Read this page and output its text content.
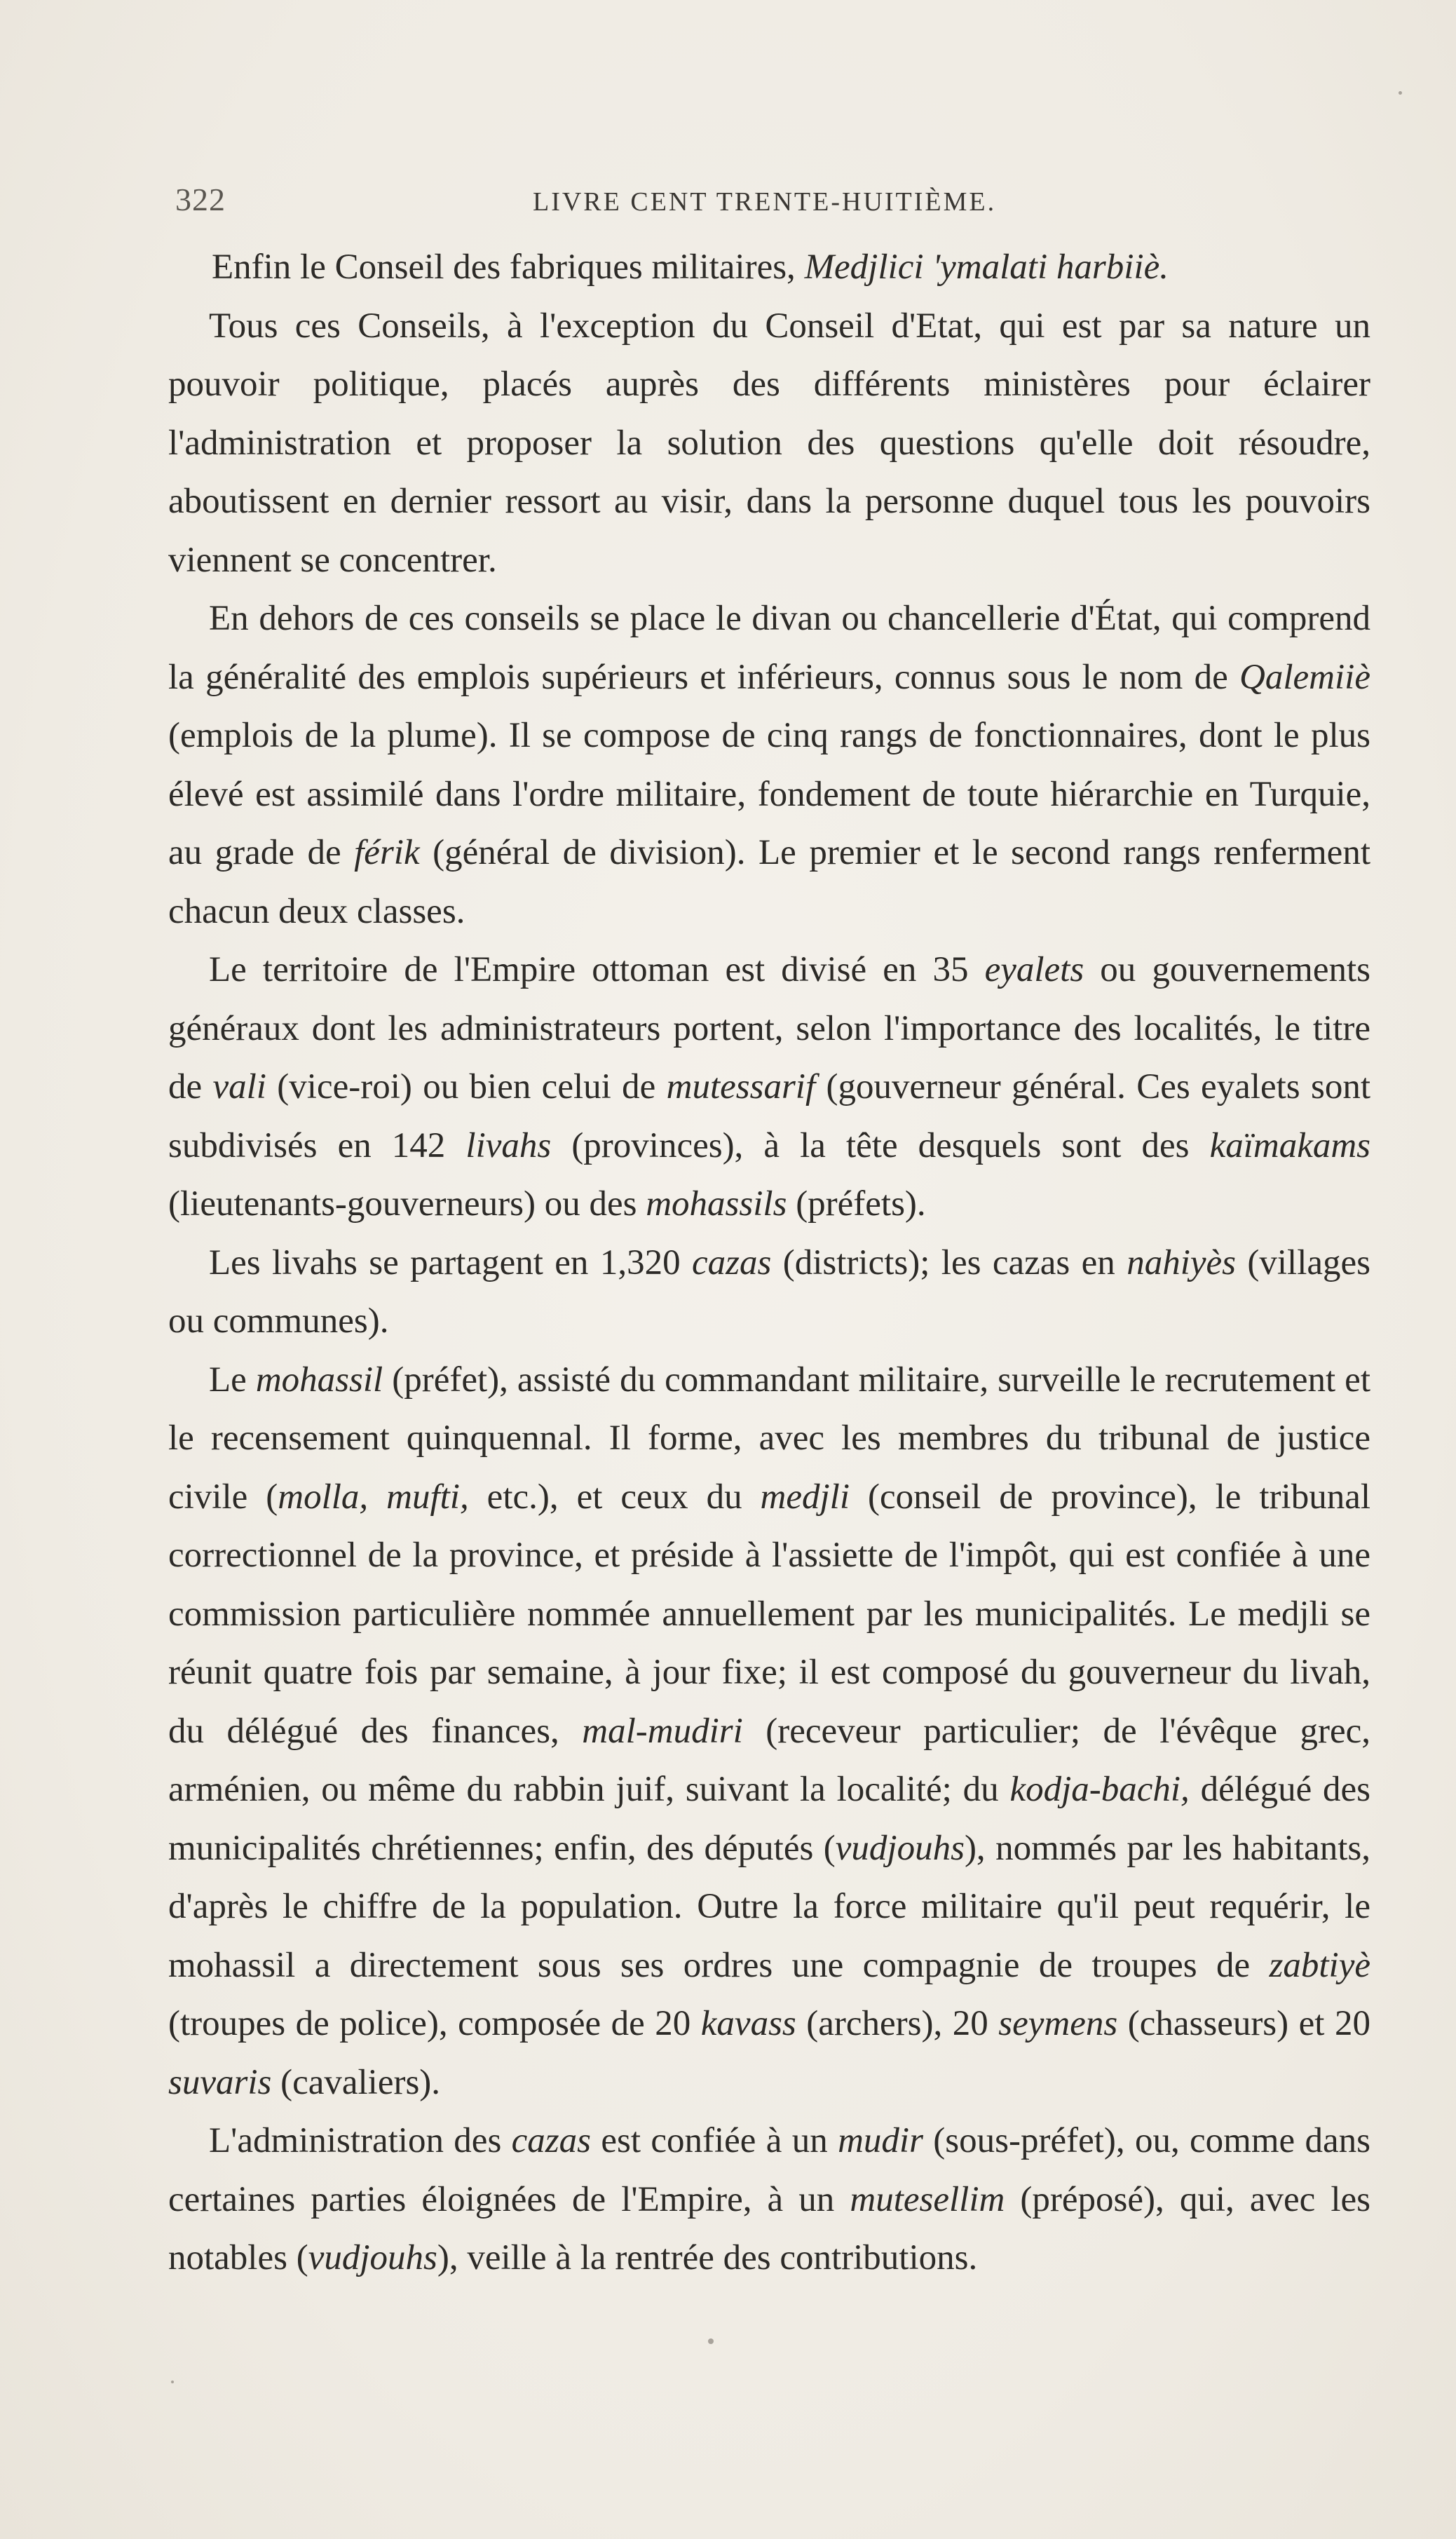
322	LIVRE CENT TRENTE-HUITIÈME.

Enfin le Conseil des fabriques militaires, Medjlici 'ymalati harbiiè.

Tous ces Conseils, à l'exception du Conseil d'Etat, qui est par sa nature un pouvoir politique, placés auprès des différents ministères pour éclairer l'administration et proposer la solution des questions qu'elle doit résoudre, aboutissent en dernier ressort au visir, dans la personne duquel tous les pouvoirs viennent se concentrer.

En dehors de ces conseils se place le divan ou chancellerie d'État, qui comprend la généralité des emplois supérieurs et inférieurs, connus sous le nom de Qalemiiè (emplois de la plume). Il se compose de cinq rangs de fonctionnaires, dont le plus élevé est assimilé dans l'ordre militaire, fondement de toute hiérarchie en Turquie, au grade de férik (général de division). Le premier et le second rangs renferment chacun deux classes.

Le territoire de l'Empire ottoman est divisé en 35 eyalets ou gouvernements généraux dont les administrateurs portent, selon l'importance des localités, le titre de vali (vice-roi) ou bien celui de mutessarif (gouverneur général. Ces eyalets sont subdivisés en 142 livahs (provinces), à la tête desquels sont des kaïmakams (lieutenants-gouverneurs) ou des mohassils (préfets).

Les livahs se partagent en 1,320 cazas (districts); les cazas en nahiyès (villages ou communes).

Le mohassil (préfet), assisté du commandant militaire, surveille le recrutement et le recensement quinquennal. Il forme, avec les membres du tribunal de justice civile (molla, mufti, etc.), et ceux du medjli (conseil de province), le tribunal correctionnel de la province, et préside à l'assiette de l'impôt, qui est confiée à une commission particulière nommée annuellement par les municipalités. Le medjli se réunit quatre fois par semaine, à jour fixe; il est composé du gouverneur du livah, du délégué des finances, mal-mudiri (receveur particulier; de l'évêque grec, arménien, ou même du rabbin juif, suivant la localité; du kodja-bachi, délégué des municipalités chrétiennes; enfin, des députés (vudjouhs), nommés par les habitants, d'après le chiffre de la population. Outre la force militaire qu'il peut requérir, le mohassil a directement sous ses ordres une compagnie de troupes de zabtiyè (troupes de police), composée de 20 kavass (archers), 20 seymens (chasseurs) et 20 suvaris (cavaliers).

L'administration des cazas est confiée à un mudir (sous-préfet), ou, comme dans certaines parties éloignées de l'Empire, à un mutesellim (préposé), qui, avec les notables (vudjouhs), veille à la rentrée des contributions.
